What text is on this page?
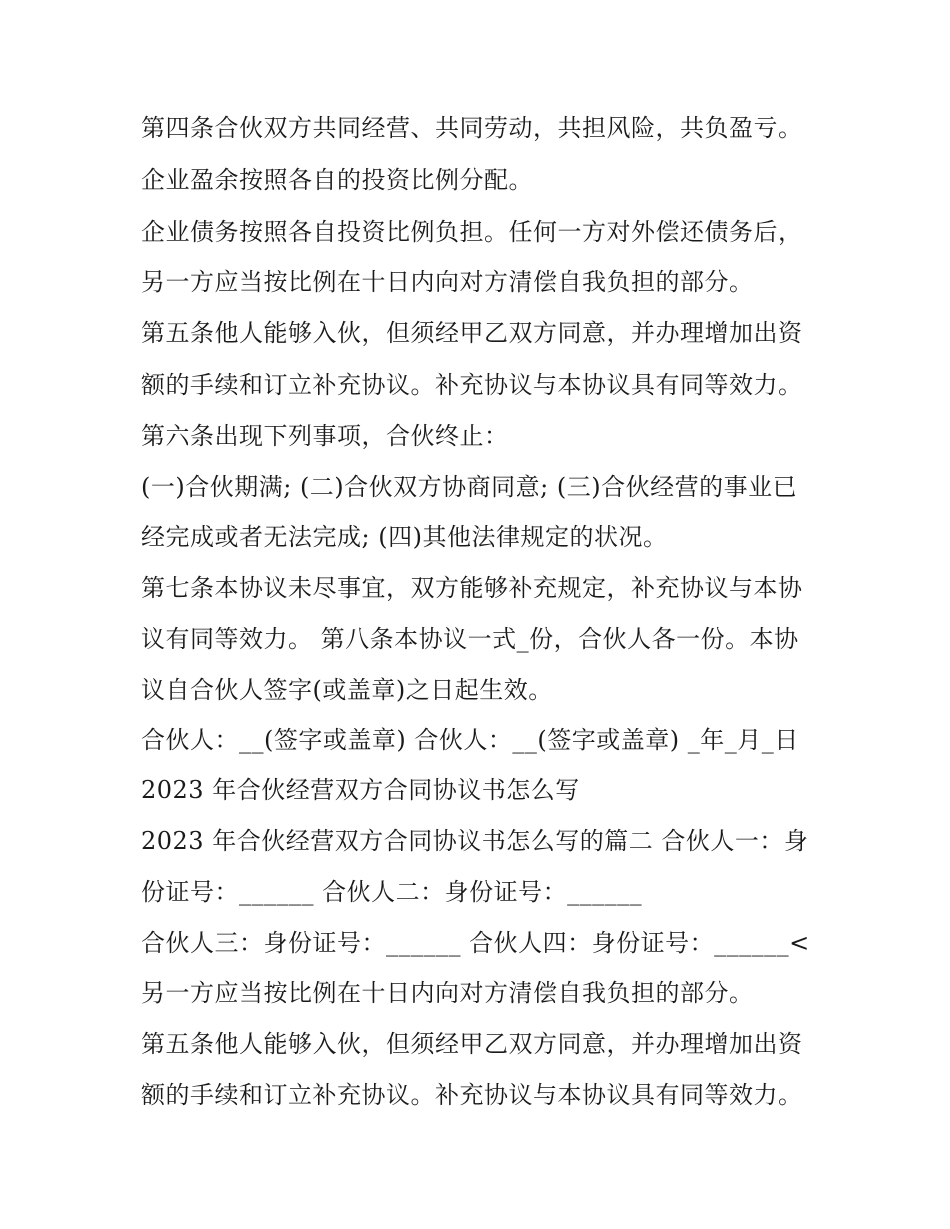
第四条合伙双方共同经营、共同劳动，共担风险，共负盈亏。
企业盈余按照各自的投资比例分配。
企业债务按照各自投资比例负担。任何一方对外偿还债务后，
另一方应当按比例在十日内向对方清偿自我负担的部分。
第五条他人能够入伙，但须经甲乙双方同意，并办理增加出资
额的手续和订立补充协议。补充协议与本协议具有同等效力。
第六条出现下列事项，合伙终止：
(一)合伙期满; (二)合伙双方协商同意; (三)合伙经营的事业已
经完成或者无法完成; (四)其他法律规定的状况。
第七条本协议未尽事宜，双方能够补充规定，补充协议与本协
议有同等效力。 第八条本协议一式_份，合伙人各一份。本协
议自合伙人签字(或盖章)之日起生效。
合伙人：__(签字或盖章) 合伙人：__(签字或盖章) _年_月_日
2023 年合伙经营双方合同协议书怎么写
2023 年合伙经营双方合同协议书怎么写的篇二 合伙人一：身
份证号：______ 合伙人二：身份证号：______
合伙人三：身份证号：______ 合伙人四：身份证号：______<
另一方应当按比例在十日内向对方清偿自我负担的部分。
第五条他人能够入伙，但须经甲乙双方同意，并办理增加出资
额的手续和订立补充协议。补充协议与本协议具有同等效力。
